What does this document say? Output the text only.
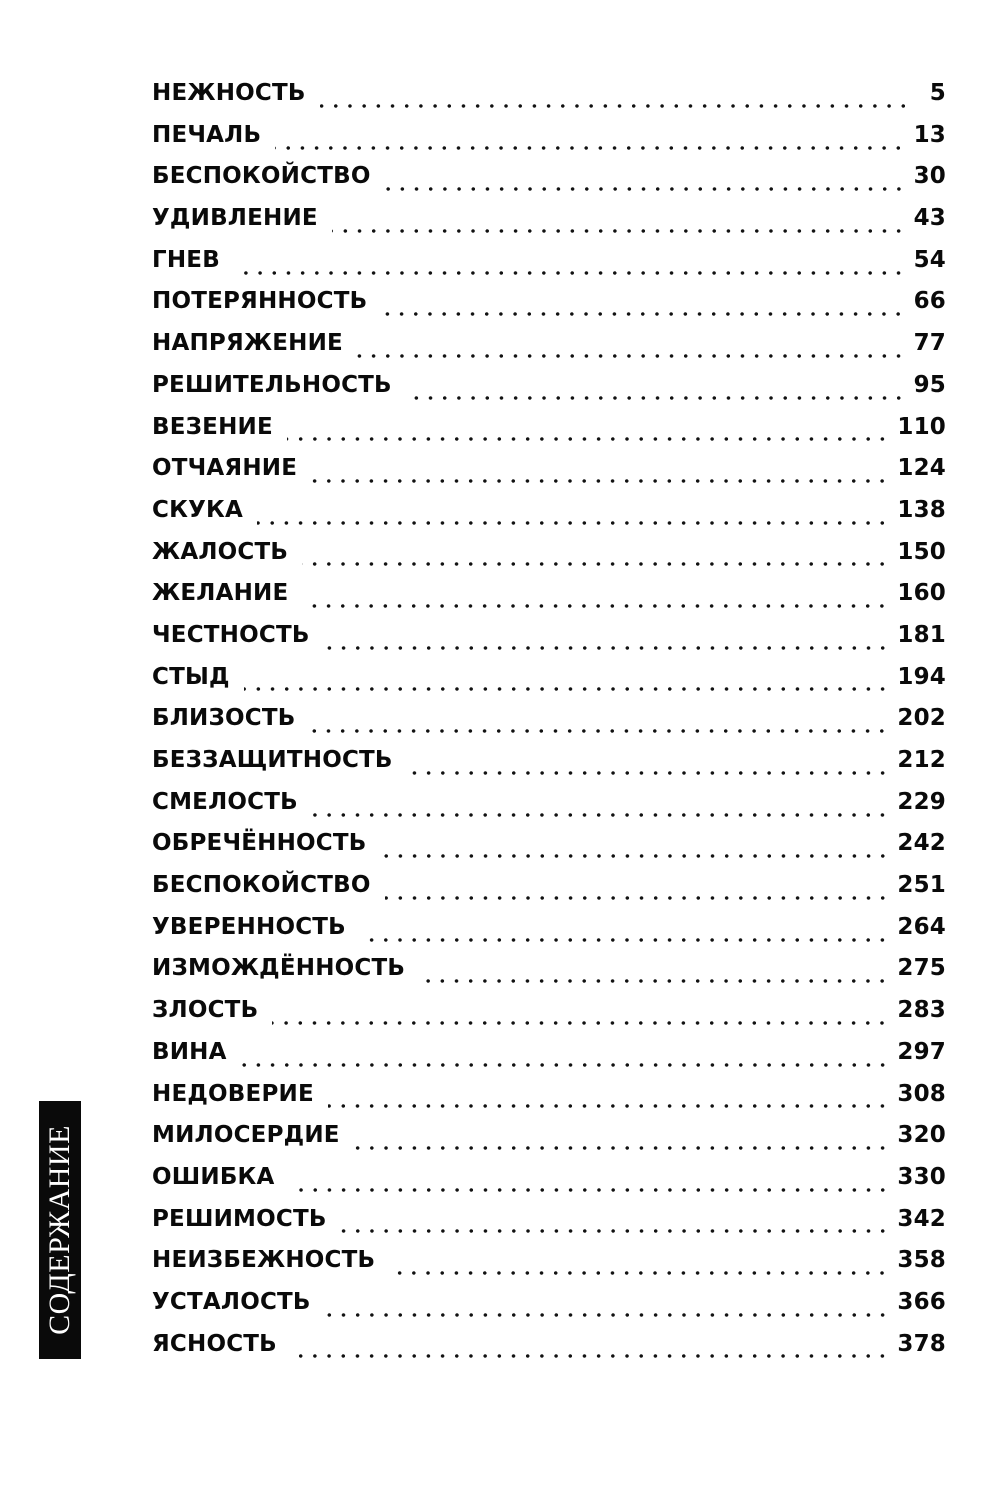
НЕЖНОСТЬ	5
ПЕЧАЛЬ	13
БЕСПОКОЙСТВО	30
УДИВЛЕНИЕ	43
ГНЕВ	54
ПОТЕРЯННОСТЬ	66
НАПРЯЖЕНИЕ	77
РЕШИТЕЛЬНОСТЬ	95
ВЕЗЕНИЕ	110
ОТЧАЯНИЕ	124
СКУКА	138
ЖАЛОСТЬ	150
ЖЕЛАНИЕ	160
ЧЕСТНОСТЬ	181
СТЫД	194
БЛИЗОСТЬ	202
БЕЗЗАЩИТНОСТЬ	212
СМЕЛОСТЬ	229
ОБРЕЧЁННОСТЬ	242
БЕСПОКОЙСТВО	251
УВЕРЕННОСТЬ	264
ИЗМОЖДЁННОСТЬ	275
ЗЛОСТЬ	283
ВИНА	297
НЕДОВЕРИЕ	308
МИЛОСЕРДИЕ	320
ОШИБКА	330
РЕШИМОСТЬ	342
НЕИЗБЕЖНОСТЬ	358
УСТАЛОСТЬ	366
ЯСНОСТЬ	378
СОДЕРЖАНИЕ
